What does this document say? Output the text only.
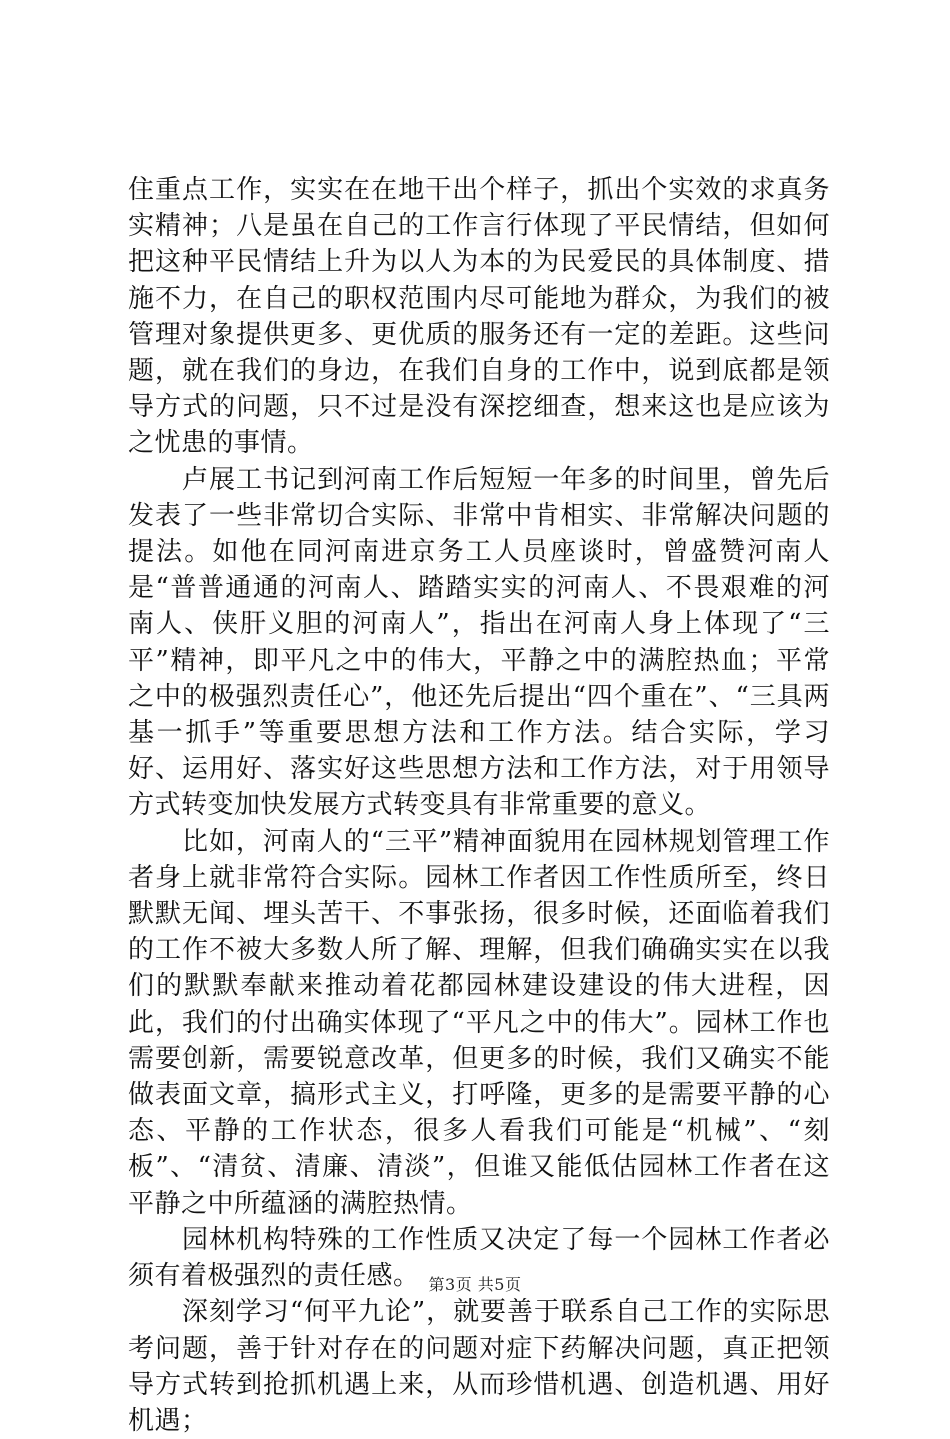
住重点工作，实实在在地干出个样子，抓出个实效的求真务实精神；八是虽在自己的工作言行体现了平民情结，但如何把这种平民情结上升为以人为本的为民爱民的具体制度、措施不力，在自己的职权范围内尽可能地为群众，为我们的被管理对象提供更多、更优质的服务还有一定的差距。这些问题，就在我们的身边，在我们自身的工作中，说到底都是领导方式的问题，只不过是没有深挖细查，想来这也是应该为之忧患的事情。

卢展工书记到河南工作后短短一年多的时间里，曾先后发表了一些非常切合实际、非常中肯相实、非常解决问题的提法。如他在同河南进京务工人员座谈时，曾盛赞河南人是“普普通通的河南人、踏踏实实的河南人、不畏艰难的河南人、侠肝义胆的河南人”，指出在河南人身上体现了“三平”精神，即平凡之中的伟大，平静之中的满腔热血；平常之中的极强烈责任心”，他还先后提出“四个重在”、“三具两基一抓手”等重要思想方法和工作方法。结合实际，学习好、运用好、落实好这些思想方法和工作方法，对于用领导方式转变加快发展方式转变具有非常重要的意义。

比如，河南人的“三平”精神面貌用在园林规划管理工作者身上就非常符合实际。园林工作者因工作性质所至，终日默默无闻、埋头苦干、不事张扬，很多时候，还面临着我们的工作不被大多数人所了解、理解，但我们确确实实在以我们的默默奉献来推动着花都园林建设建设的伟大进程，因此，我们的付出确实体现了“平凡之中的伟大”。园林工作也需要创新，需要锐意改革，但更多的时候，我们又确实不能做表面文章，搞形式主义，打呼隆，更多的是需要平静的心态、平静的工作状态，很多人看我们可能是“机械”、“刻板”、“清贫、清廉、清淡”，但谁又能低估园林工作者在这平静之中所蕴涵的满腔热情。

园林机构特殊的工作性质又决定了每一个园林工作者必须有着极强烈的责任感。

深刻学习“何平九论”，就要善于联系自己工作的实际思考问题，善于针对存在的问题对症下药解决问题，真正把领导方式转到抢抓机遇上来，从而珍惜机遇、创造机遇、用好机遇；

第3页 共5页
